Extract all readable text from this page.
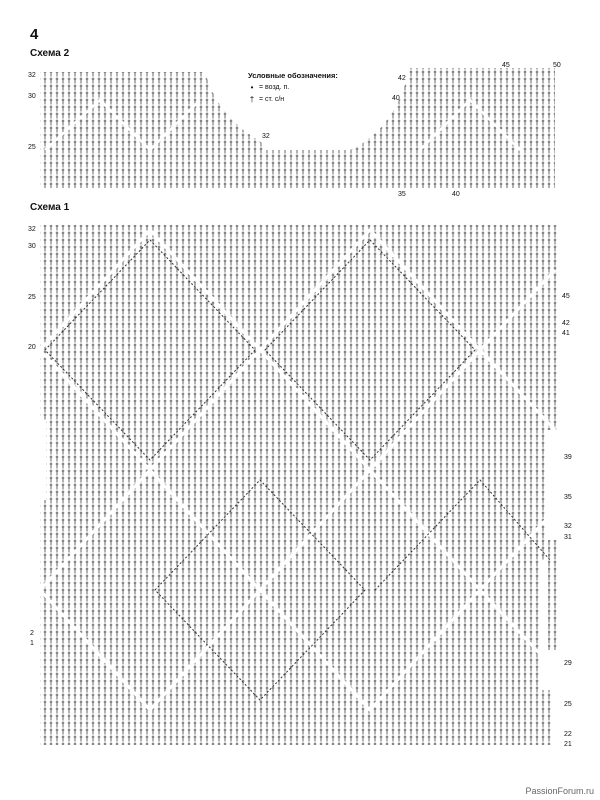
4
Схема 2
32
30
25
32
42
40
45	50
35	40
Условные обозначения:
• = возд. п.
† = ст. с/н
Схема 1
32
30
25
20
2
1
45
42
41
39
35
32
31
29
25
22
21
PassionForum.ru
